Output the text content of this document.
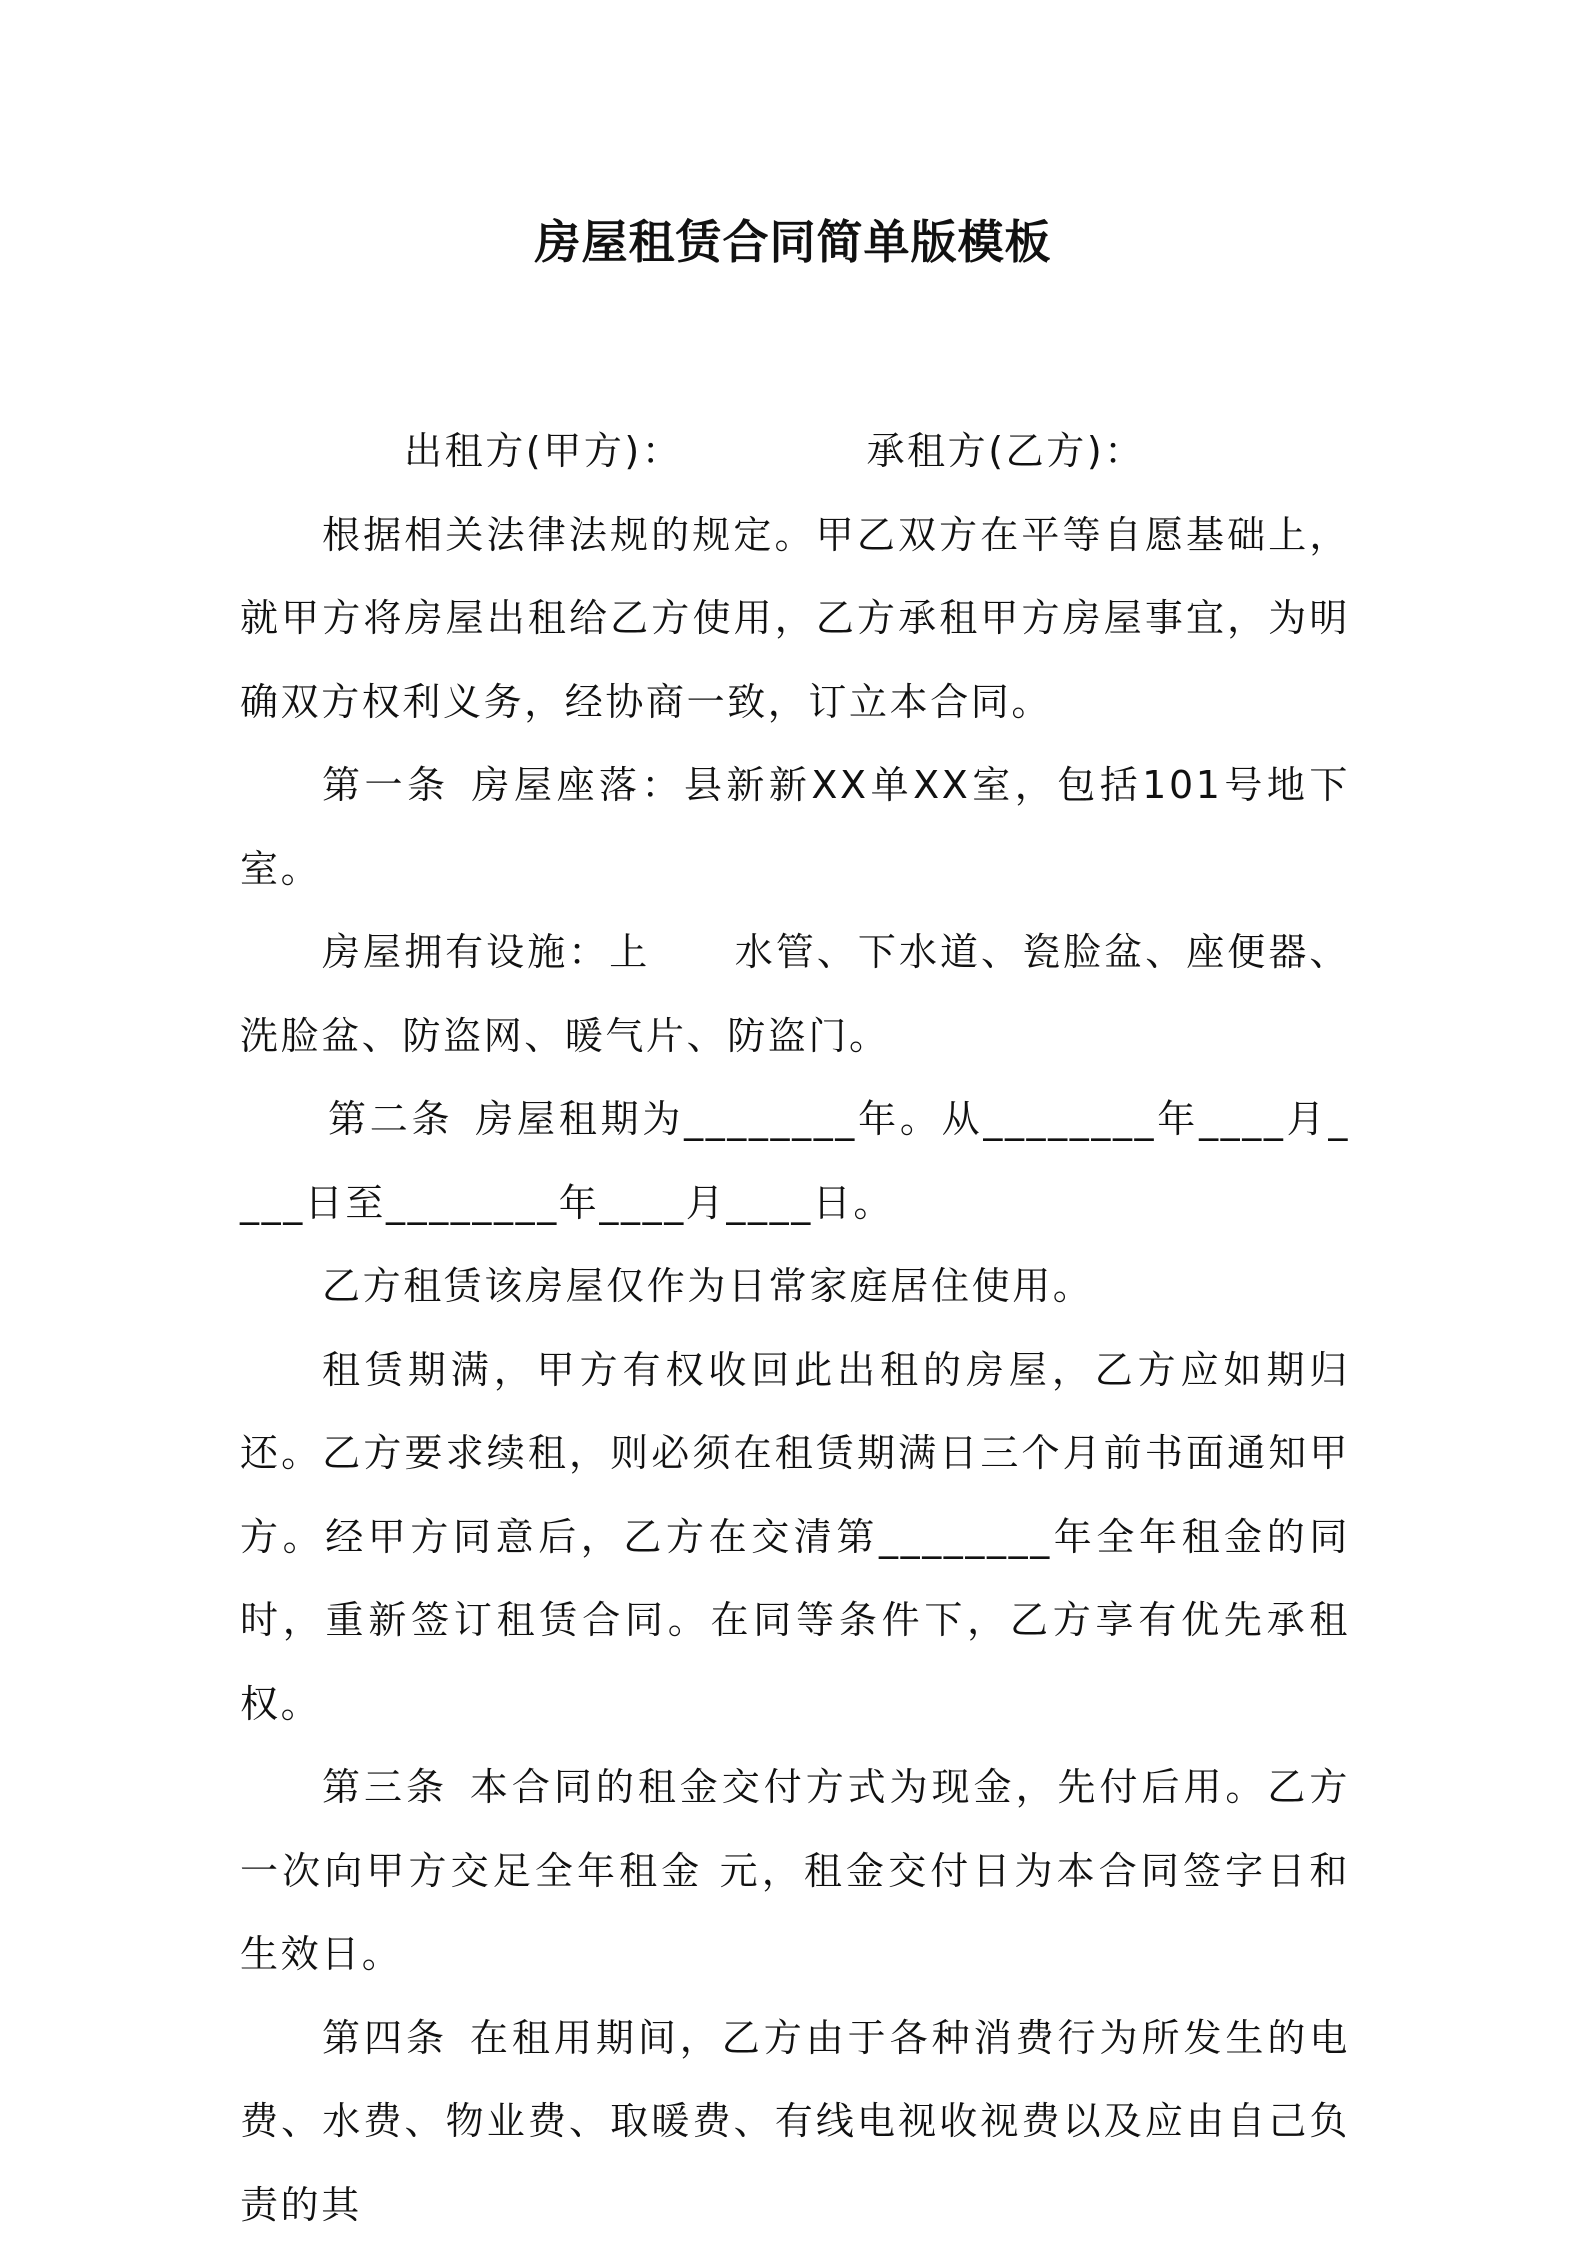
房屋租赁合同简单版模板

出租方(甲方)：	承租方(乙方)：

根据相关法律法规的规定。甲乙双方在平等自愿基础上，就甲方将房屋出租给乙方使用，乙方承租甲方房屋事宜，为明确双方权利义务，经协商一致，订立本合同。

第一条 房屋座落：县新新XX单XX室，包括101号地下室。

房屋拥有设施：上 水管、下水道、瓷脸盆、座便器、洗脸盆、防盗网、暖气片、防盗门。

第二条 房屋租期为________年。从________年____月____日至________年____月____日。

乙方租赁该房屋仅作为日常家庭居住使用。

租赁期满，甲方有权收回此出租的房屋，乙方应如期归还。乙方要求续租，则必须在租赁期满日三个月前书面通知甲方。经甲方同意后，乙方在交清第________年全年租金的同时，重新签订租赁合同。在同等条件下，乙方享有优先承租权。

第三条 本合同的租金交付方式为现金，先付后用。乙方一次向甲方交足全年租金 元，租金交付日为本合同签字日和生效日。

第四条 在租用期间，乙方由于各种消费行为所发生的电费、水费、物业费、取暖费、有线电视收视费以及应由自己负责的其
